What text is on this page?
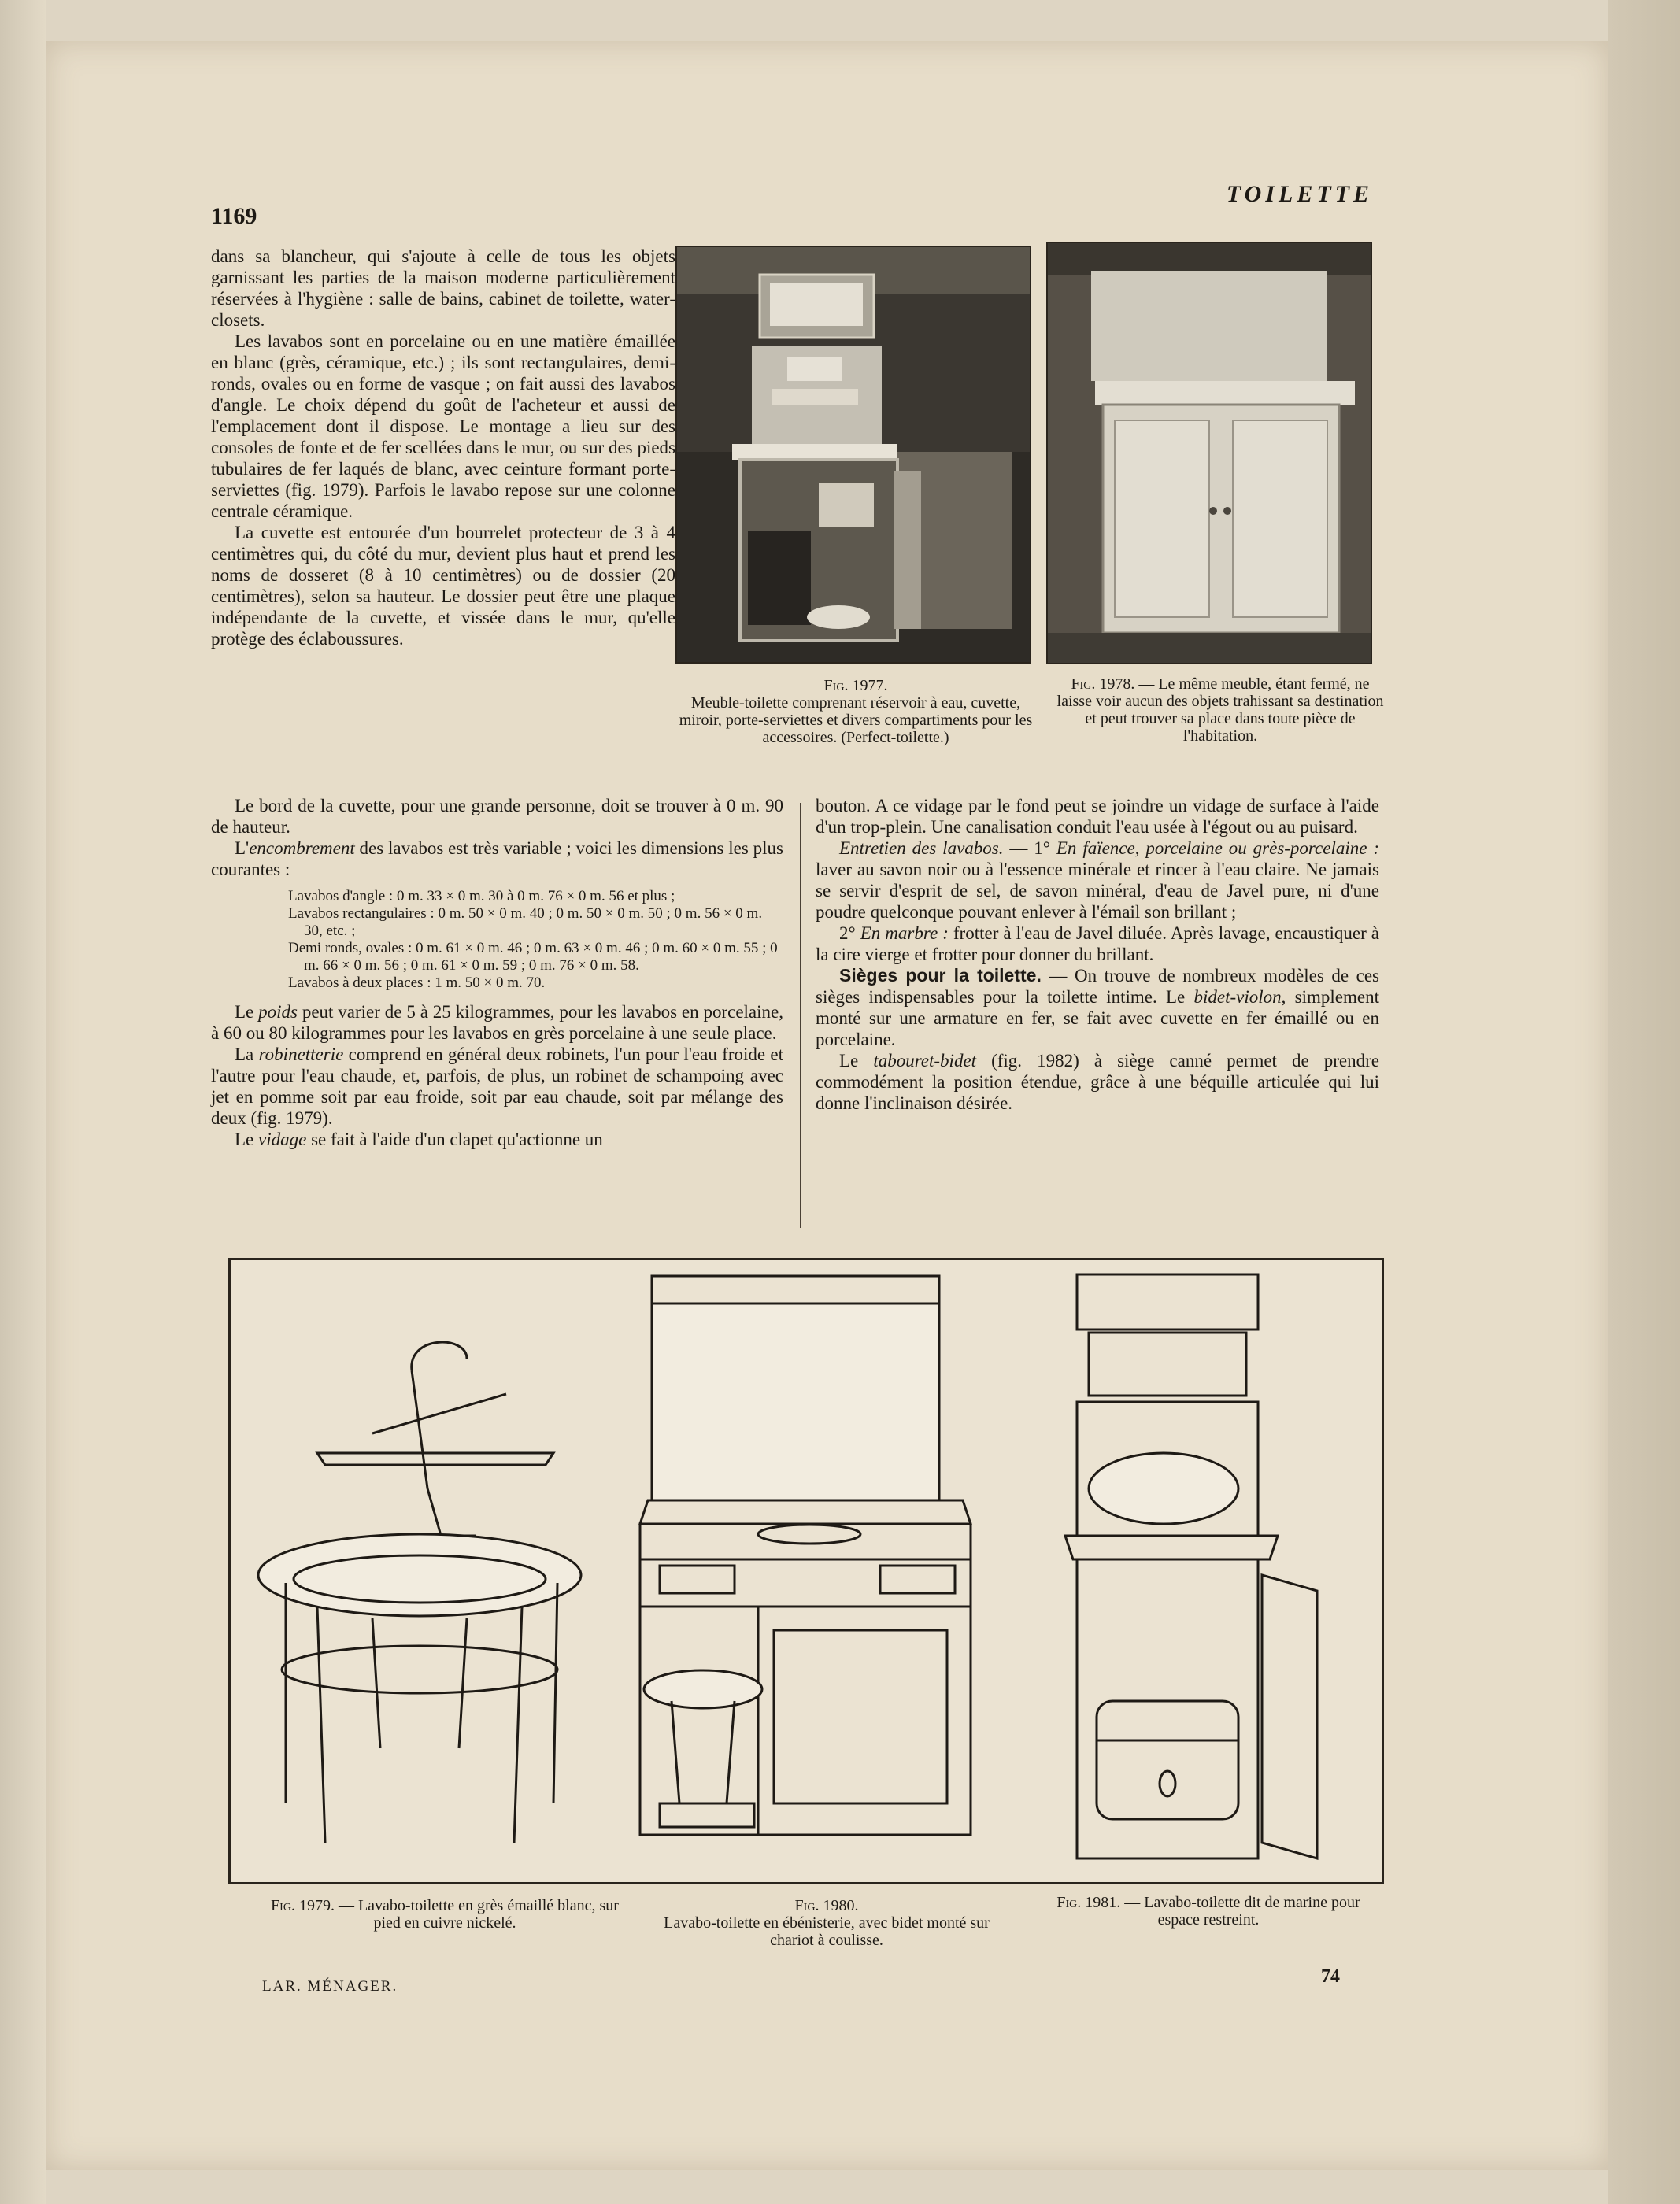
1169
TOILETTE

dans sa blancheur, qui s'ajoute à celle de tous les objets garnissant les parties de la maison moderne particulièrement réservées à l'hygiène : salle de bains, cabinet de toilette, water-closets.

Les lavabos sont en porcelaine ou en une matière émaillée en blanc (grès, céramique, etc.) ; ils sont rectangulaires, demi-ronds, ovales ou en forme de vasque ; on fait aussi des lavabos d'angle. Le choix dépend du goût de l'acheteur et aussi de l'emplacement dont il dispose. Le montage a lieu sur des consoles de fonte et de fer scellées dans le mur, ou sur des pieds tubulaires de fer laqués de blanc, avec ceinture formant porte-serviettes (fig. 1979). Parfois le lavabo repose sur une colonne centrale céramique.

La cuvette est entourée d'un bourrelet protecteur de 3 à 4 centimètres qui, du côté du mur, devient plus haut et prend les noms de dosseret (8 à 10 centimètres) ou de dossier (20 centimètres), selon sa hauteur. Le dossier peut être une plaque indépendante de la cuvette, et vissée dans le mur, qu'elle protège des éclaboussures.

Fig. 1977.
Meuble-toilette comprenant réservoir à eau, cuvette, miroir, porte-serviettes et divers compartiments pour les accessoires. (Perfect-toilette.)
Fig. 1978. — Le même meuble, étant fermé, ne laisse voir aucun des objets trahissant sa destination et peut trouver sa place dans toute pièce de l'habitation.

Le bord de la cuvette, pour une grande personne, doit se trouver à 0 m. 90 de hauteur.

L'encombrement des lavabos est très variable ; voici les dimensions les plus courantes :

Lavabos d'angle : 0 m. 33 × 0 m. 30 à 0 m. 76 × 0 m. 56 et plus ;
Lavabos rectangulaires : 0 m. 50 × 0 m. 40 ; 0 m. 50 × 0 m. 50 ; 0 m. 56 × 0 m. 30, etc. ;
Demi ronds, ovales : 0 m. 61 × 0 m. 46 ; 0 m. 63 × 0 m. 46 ; 0 m. 60 × 0 m. 55 ; 0 m. 66 × 0 m. 56 ; 0 m. 61 × 0 m. 59 ; 0 m. 76 × 0 m. 58.
Lavabos à deux places : 1 m. 50 × 0 m. 70.

Le poids peut varier de 5 à 25 kilogrammes, pour les lavabos en porcelaine, à 60 ou 80 kilogrammes pour les lavabos en grès porcelaine à une seule place.

La robinetterie comprend en général deux robinets, l'un pour l'eau froide et l'autre pour l'eau chaude, et, parfois, de plus, un robinet de schampoing avec jet en pomme soit par eau froide, soit par eau chaude, soit par mélange des deux (fig. 1979).

Le vidage se fait à l'aide d'un clapet qu'actionne un

bouton. A ce vidage par le fond peut se joindre un vidage de surface à l'aide d'un trop-plein. Une canalisation conduit l'eau usée à l'égout ou au puisard.

Entretien des lavabos. — 1° En faïence, porcelaine ou grès-porcelaine : laver au savon noir ou à l'essence minérale et rincer à l'eau claire. Ne jamais se servir d'esprit de sel, de savon minéral, d'eau de Javel pure, ni d'une poudre quelconque pouvant enlever à l'émail son brillant ;

2° En marbre : frotter à l'eau de Javel diluée. Après lavage, encaustiquer à la cire vierge et frotter pour donner du brillant.

Sièges pour la toilette. — On trouve de nombreux modèles de ces sièges indispensables pour la toilette intime. Le bidet-violon, simplement monté sur une armature en fer, se fait avec cuvette en fer émaillé ou en porcelaine.

Le tabouret-bidet (fig. 1982) à siège canné permet de prendre commodément la position étendue, grâce à une béquille articulée qui lui donne l'inclinaison désirée.

Fig. 1979. — Lavabo-toilette en grès émaillé blanc, sur pied en cuivre nickelé.
Fig. 1980.
Lavabo-toilette en ébénisterie, avec bidet monté sur chariot à coulisse.
Fig. 1981. — Lavabo-toilette dit de marine pour espace restreint.
LAR. MÉNAGER.	74
